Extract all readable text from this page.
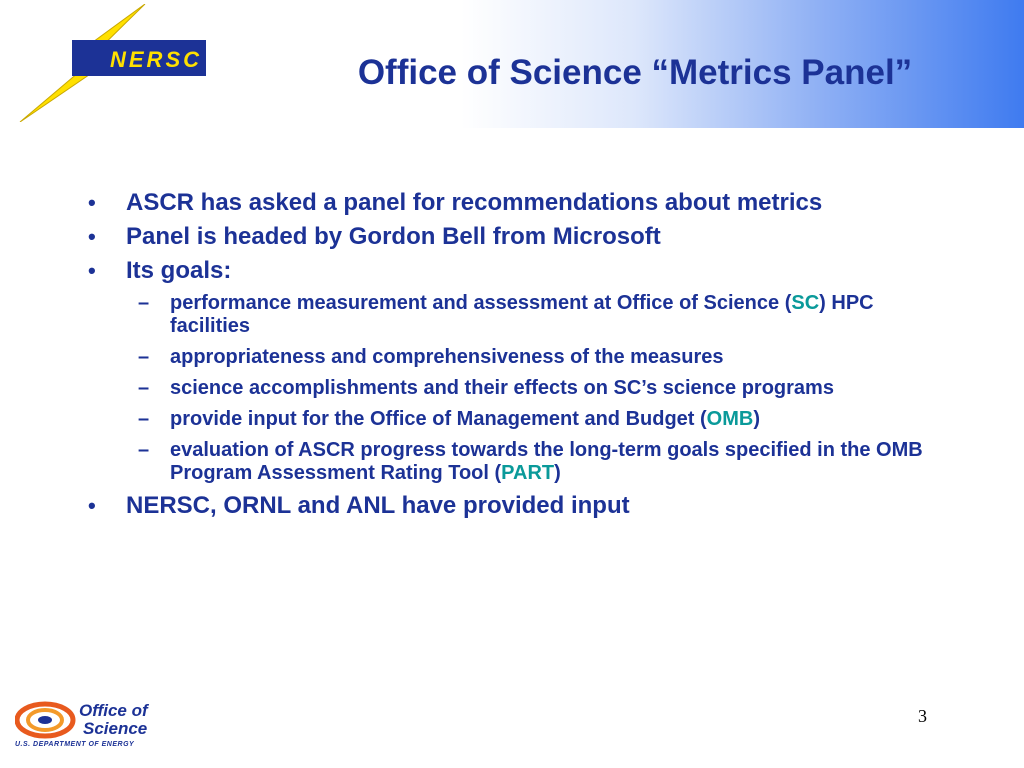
NERSC	Office of Science “Metrics Panel”
• ASCR has asked a panel for recommendations about metrics
• Panel is headed by Gordon Bell from Microsoft
• Its goals:
– performance measurement and assessment at Office of Science (SC) HPC facilities
– appropriateness and comprehensiveness of the measures
– science accomplishments and their effects on SC’s science programs
– provide input for the Office of Management and Budget (OMB)
– evaluation of ASCR progress towards the long-term goals specified in the OMB Program Assessment Rating Tool (PART)
• NERSC, ORNL and ANL have provided input
Office of
Science
U.S. DEPARTMENT OF ENERGY
3
